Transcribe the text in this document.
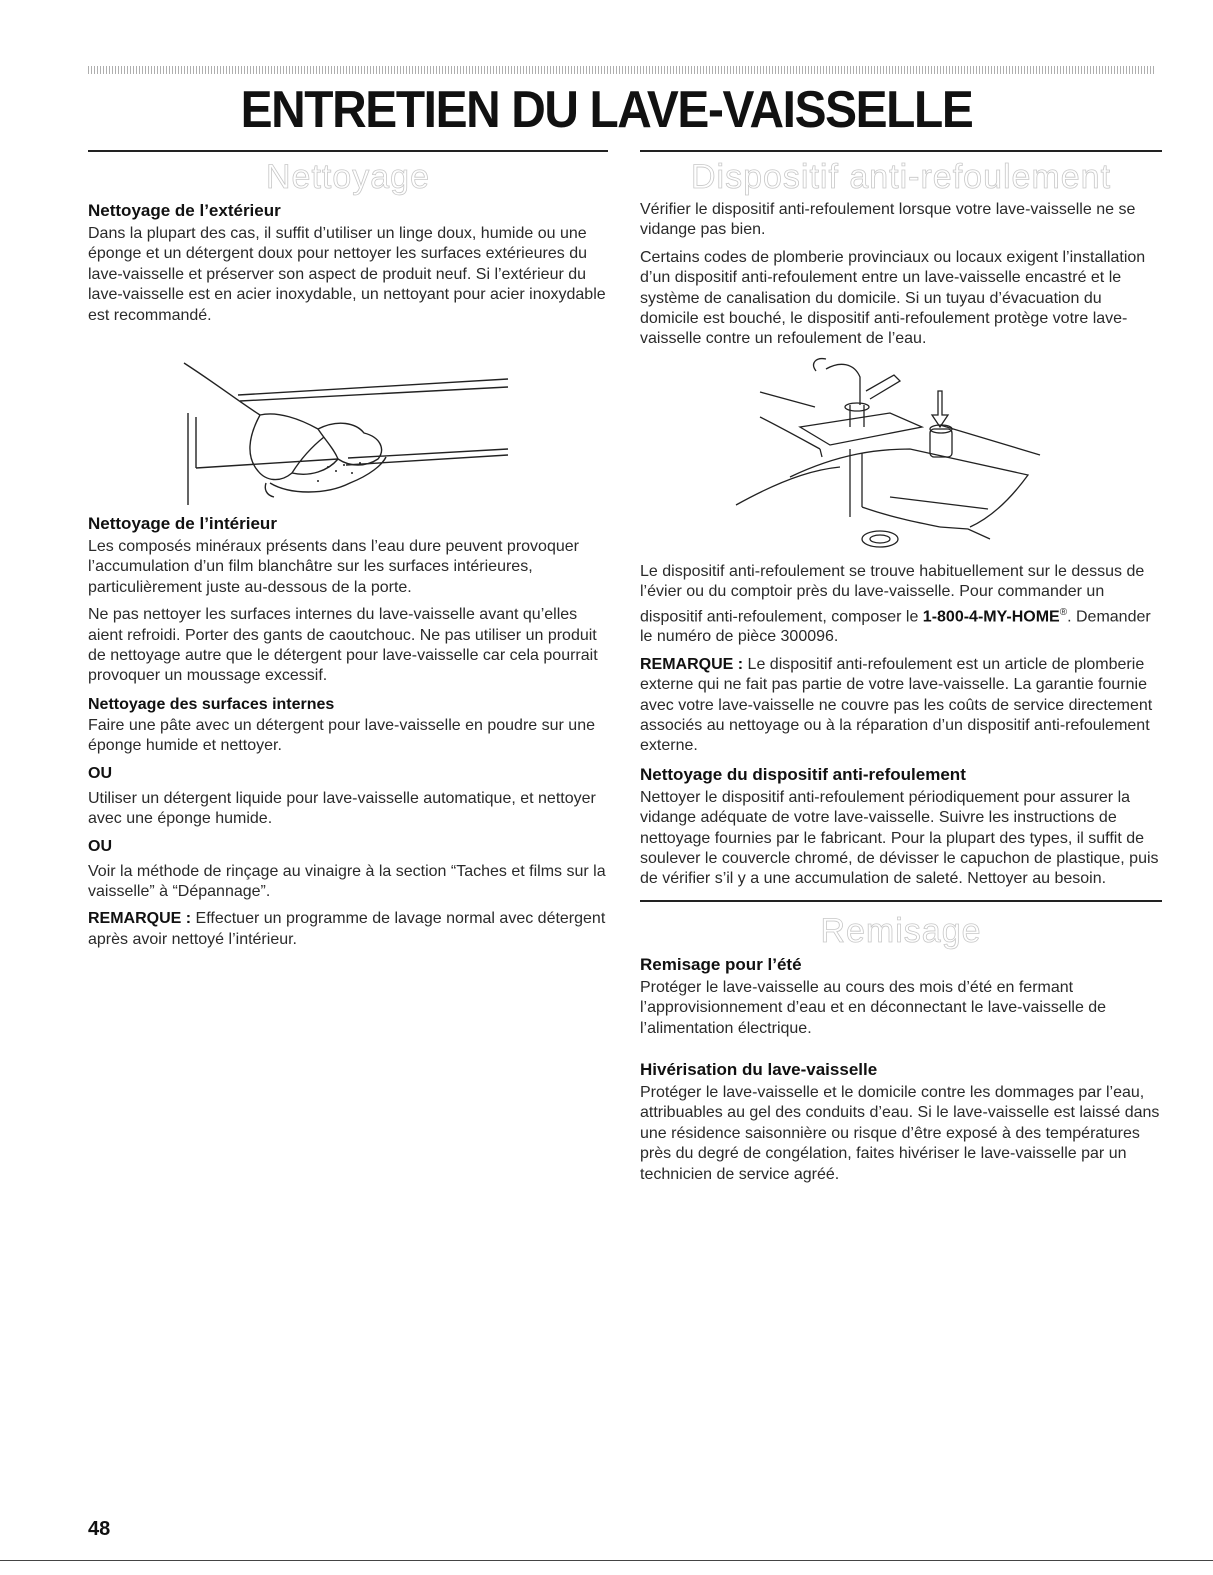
ENTRETIEN DU LAVE-VAISSELLE
Nettoyage
Nettoyage de l’extérieur

Dans la plupart des cas, il suffit d’utiliser un linge doux, humide ou une éponge et un détergent doux pour nettoyer les surfaces extérieures du lave-vaisselle et préserver son aspect de produit neuf. Si l’extérieur du lave-vaisselle est en acier inoxydable, un nettoyant pour acier inoxydable est recommandé.

Nettoyage de l’intérieur

Les composés minéraux présents dans l’eau dure peuvent provoquer l’accumulation d’un film blanchâtre sur les surfaces intérieures, particulièrement juste au-dessous de la porte.

Ne pas nettoyer les surfaces internes du lave-vaisselle avant qu’elles aient refroidi. Porter des gants de caoutchouc. Ne pas utiliser un produit de nettoyage autre que le détergent pour lave-vaisselle car cela pourrait provoquer un moussage excessif.

Nettoyage des surfaces internes

Faire une pâte avec un détergent pour lave-vaisselle en poudre sur une éponge humide et nettoyer.

OU

Utiliser un détergent liquide pour lave-vaisselle automatique, et nettoyer avec une éponge humide.

OU

Voir la méthode de rinçage au vinaigre à la section “Taches et films sur la vaisselle” à “Dépannage”.

REMARQUE : Effectuer un programme de lavage normal avec détergent après avoir nettoyé l’intérieur.

Dispositif anti-refoulement

Vérifier le dispositif anti-refoulement lorsque votre lave-vaisselle ne se vidange pas bien.

Certains codes de plomberie provinciaux ou locaux exigent l’installation d’un dispositif anti-refoulement entre un lave-vaisselle encastré et le système de canalisation du domicile. Si un tuyau d’évacuation du domicile est bouché, le dispositif anti-refoulement protège votre lave-vaisselle contre un refoulement de l’eau.

Le dispositif anti-refoulement se trouve habituellement sur le dessus de l’évier ou du comptoir près du lave-vaisselle. Pour commander un dispositif anti-refoulement, composer le 1-800-4-MY-HOME®. Demander le numéro de pièce 300096.

REMARQUE : Le dispositif anti-refoulement est un article de plomberie externe qui ne fait pas partie de votre lave-vaisselle. La garantie fournie avec votre lave-vaisselle ne couvre pas les coûts de service directement associés au nettoyage ou à la réparation d’un dispositif anti-refoulement externe.

Nettoyage du dispositif anti-refoulement

Nettoyer le dispositif anti-refoulement périodiquement pour assurer la vidange adéquate de votre lave-vaisselle. Suivre les instructions de nettoyage fournies par le fabricant. Pour la plupart des types, il suffit de soulever le couvercle chromé, de dévisser le capuchon de plastique, puis de vérifier s’il y a une accumulation de saleté. Nettoyer au besoin.

Remisage
Remisage pour l’été

Protéger le lave-vaisselle au cours des mois d’été en fermant l’approvisionnement d’eau et en déconnectant le lave-vaisselle de l’alimentation électrique.

Hivérisation du lave-vaisselle

Protéger le lave-vaisselle et le domicile contre les dommages par l’eau, attribuables au gel des conduits d’eau. Si le lave-vaisselle est laissé dans une résidence saisonnière ou risque d’être exposé à des températures près du degré de congélation, faites hivériser le lave-vaisselle par un technicien de service agréé.

48
